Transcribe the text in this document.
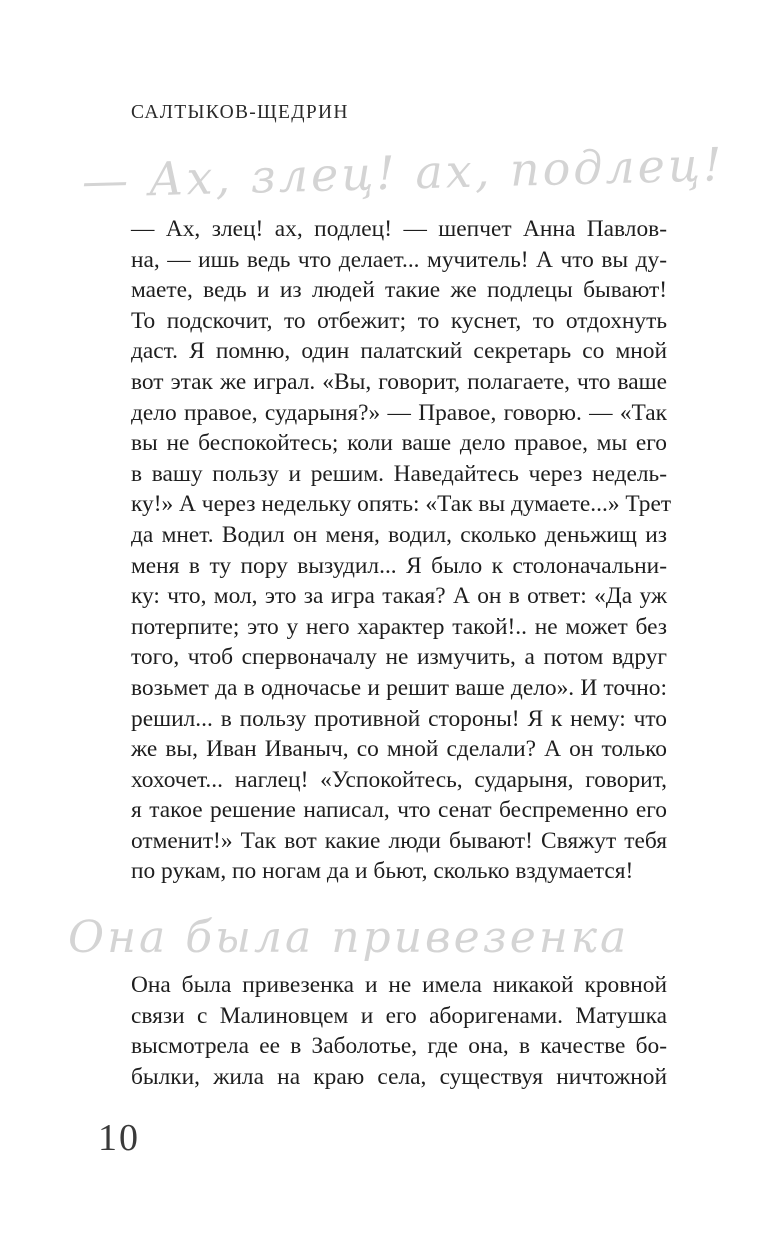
САЛТЫКОВ-ЩЕДРИН
— Ах, злец! ах, подлец!
— Ах, злец! ах, подлец! — шепчет Анна Павлов-
на, — ишь ведь что делает... мучитель! А что вы ду-
маете, ведь и из людей такие же подлецы бывают!
То подскочит, то отбежит; то куснет, то отдохнуть
даст. Я помню, один палатский секретарь со мной
вот этак же играл. «Вы, говорит, полагаете, что ваше
дело правое, сударыня?» — Правое, говорю. — «Так
вы не беспокойтесь; коли ваше дело правое, мы его
в вашу пользу и решим. Наведайтесь через недель-
ку!» А через недельку опять: «Так вы думаете...» Трет
да мнет. Водил он меня, водил, сколько деньжищ из
меня в ту пору вызудил... Я было к столоначальни-
ку: что, мол, это за игра такая? А он в ответ: «Да уж
потерпите; это у него характер такой!.. не может без
того, чтоб спервоначалу не измучить, а потом вдруг
возьмет да в одночасье и решит ваше дело». И точно:
решил... в пользу противной стороны! Я к нему: что
же вы, Иван Иваныч, со мной сделали? А он только
хохочет... наглец! «Успокойтесь, сударыня, говорит,
я такое решение написал, что сенат беспременно его
отменит!» Так вот какие люди бывают! Свяжут тебя
по рукам, по ногам да и бьют, сколько вздумается!
Она была привезенка
Она была привезенка и не имела никакой кровной
связи с Малиновцем и его аборигенами. Матушка
высмотрела ее в Заболотье, где она, в качестве бо-
былки, жила на краю села, существуя ничтожной
10
